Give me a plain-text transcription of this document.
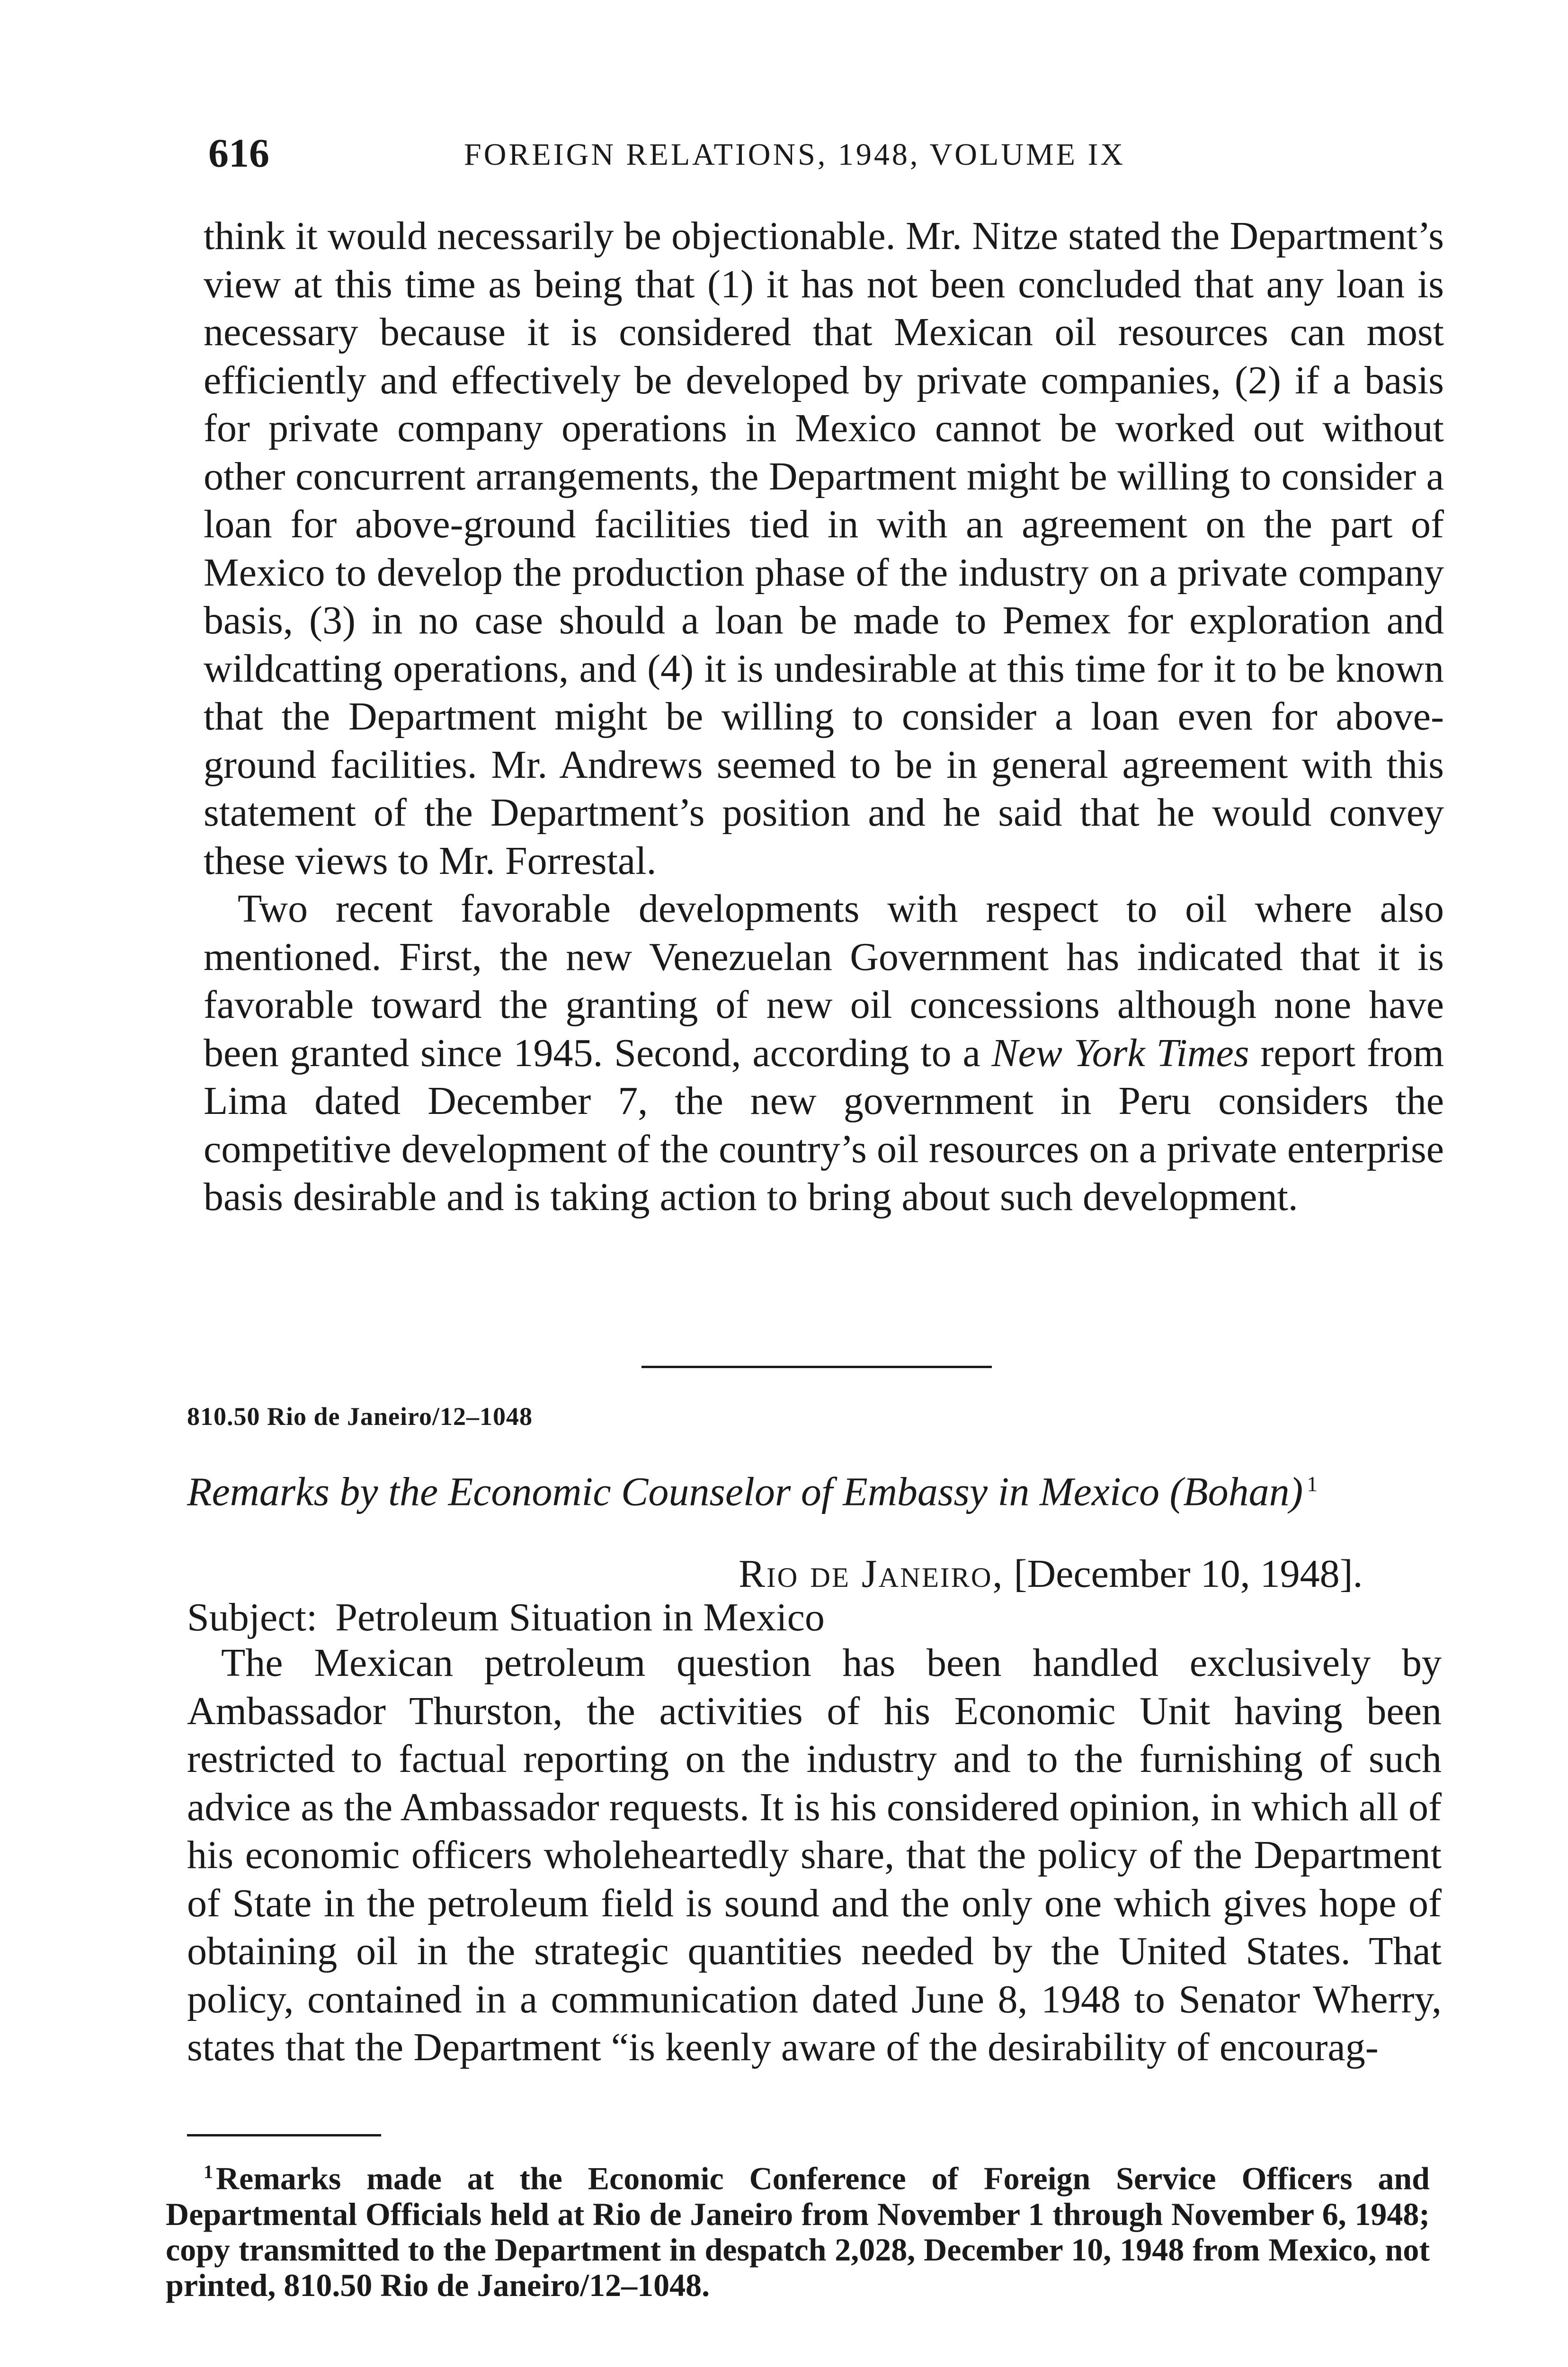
616	FOREIGN RELATIONS, 1948, VOLUME IX

think it would necessarily be objectionable. Mr. Nitze stated the Department’s view at this time as being that (1) it has not been concluded that any loan is necessary because it is considered that Mexican oil resources can most efficiently and effectively be developed by private companies, (2) if a basis for private company operations in Mexico cannot be worked out without other concurrent arrangements, the Department might be willing to consider a loan for above-ground facilities tied in with an agreement on the part of Mexico to develop the production phase of the industry on a private company basis, (3) in no case should a loan be made to Pemex for exploration and wildcatting operations, and (4) it is undesirable at this time for it to be known that the Department might be willing to consider a loan even for above-ground facilities. Mr. Andrews seemed to be in general agreement with this statement of the Department’s position and he said that he would convey these views to Mr. Forrestal.

Two recent favorable developments with respect to oil where also mentioned. First, the new Venezuelan Government has indicated that it is favorable toward the granting of new oil concessions although none have been granted since 1945. Second, according to a New York Times report from Lima dated December 7, the new government in Peru considers the competitive development of the country’s oil resources on a private enterprise basis desirable and is taking action to bring about such development.

810.50 Rio de Janeiro/12–1048
Remarks by the Economic Counselor of Embassy in Mexico (Bohan) $^1$
Rio de Janeiro, [December 10, 1948].
Subject: Petroleum Situation in Mexico

The Mexican petroleum question has been handled exclusively by Ambassador Thurston, the activities of his Economic Unit having been restricted to factual reporting on the industry and to the furnishing of such advice as the Ambassador requests. It is his considered opinion, in which all of his economic officers wholeheartedly share, that the policy of the Department of State in the petroleum field is sound and the only one which gives hope of obtaining oil in the strategic quantities needed by the United States. That policy, contained in a communication dated June 8, 1948 to Senator Wherry, states that the Department “is keenly aware of the desirability of encourag-

$^1$Remarks made at the Economic Conference of Foreign Service Officers and Departmental Officials held at Rio de Janeiro from November 1 through November 6, 1948; copy transmitted to the Department in despatch 2,028, December 10, 1948 from Mexico, not printed, 810.50 Rio de Janeiro/12–1048.
